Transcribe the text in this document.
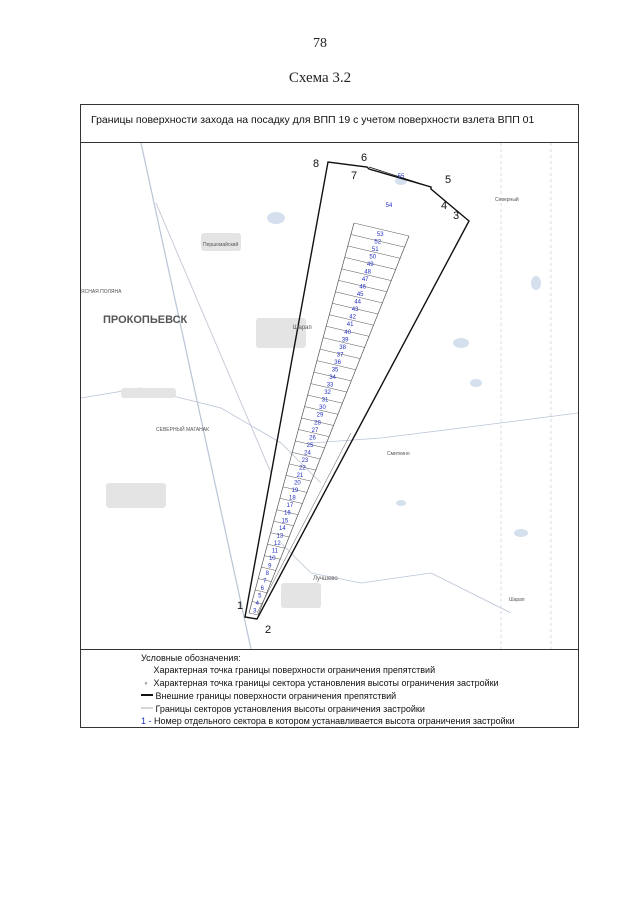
78
Схема 3.2
Границы поверхности захода на посадку для ВПП 19 с учетом поверхности взлета ВПП 01
3
4
5
6
7
8
9
10
11
12
13
14
15
16
17
18
19
20
21
22
23
24
25
26
27
28
29
30
31
32
33
34
35
36
37
38
39
40
41
42
43
44
45
46
47
48
49
50
51
52
53
54
55
1
2
3
4
5
6
7
8
ПРОКОПЬЕВСК
ЯСНАЯ ПОЛЯНА
Першомайский
Шарап
СЕВЕРНЫЙ МАГАНАК
Лучшево
Северный
Смиткино
Шарап
Условные обозначения:
Характерная точка границы поверхности ограничения препятствий
◦ Характерная точка границы сектора установления высоты ограничения застройки
Внешние границы поверхности ограничения препятствий
Границы секторов установления высоты ограничения застройки
1 - Номер отдельного сектора в котором устанавливается высота ограничения застройки
